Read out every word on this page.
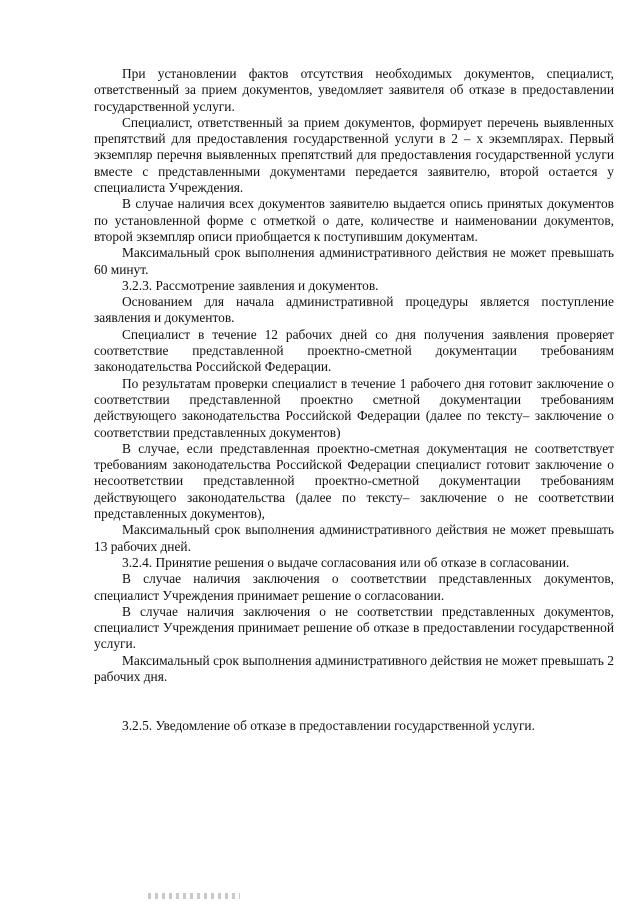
При установлении фактов отсутствия необходимых документов, специалист, ответственный за прием документов, уведомляет заявителя об отказе в предоставлении государственной услуги.

Специалист, ответственный за прием документов, формирует перечень выявленных препятствий для предоставления государственной услуги в 2 – х экземплярах. Первый экземпляр перечня выявленных препятствий для предоставления государственной услуги вместе с представленными документами передается заявителю, второй остается у специалиста Учреждения.

В случае наличия всех документов заявителю выдается опись принятых документов по установленной форме с отметкой о дате, количестве и наименовании документов, второй экземпляр описи приобщается к поступившим документам.

Максимальный срок выполнения административного действия не может превышать 60 минут.

3.2.3. Рассмотрение заявления и документов.

Основанием для начала административной процедуры является поступление заявления и документов.

Специалист в течение 12 рабочих дней со дня получения заявления проверяет соответствие представленной проектно-сметной документации требованиям законодательства Российской Федерации.

По результатам проверки специалист в течение 1 рабочего дня готовит заключение о соответствии представленной проектно сметной документации требованиям действующего законодательства Российской Федерации (далее по тексту– заключение о соответствии представленных документов)

В случае, если представленная проектно-сметная документация не соответствует требованиям законодательства Российской Федерации специалист готовит заключение о несоответствии представленной проектно-сметной документации требованиям действующего законодательства (далее по тексту– заключение о не соответствии представленных документов),

Максимальный срок выполнения административного действия не может превышать 13 рабочих дней.

3.2.4. Принятие решения о выдаче согласования или об отказе в согласовании.

В случае наличия заключения о соответствии представленных документов, специалист Учреждения принимает решение о согласовании.

В случае наличия заключения о не соответствии представленных документов, специалист Учреждения принимает решение об отказе в предоставлении государственной услуги.

Максимальный срок выполнения административного действия не может превышать 2 рабочих дня.

3.2.5. Уведомление об отказе в предоставлении государственной услуги.
